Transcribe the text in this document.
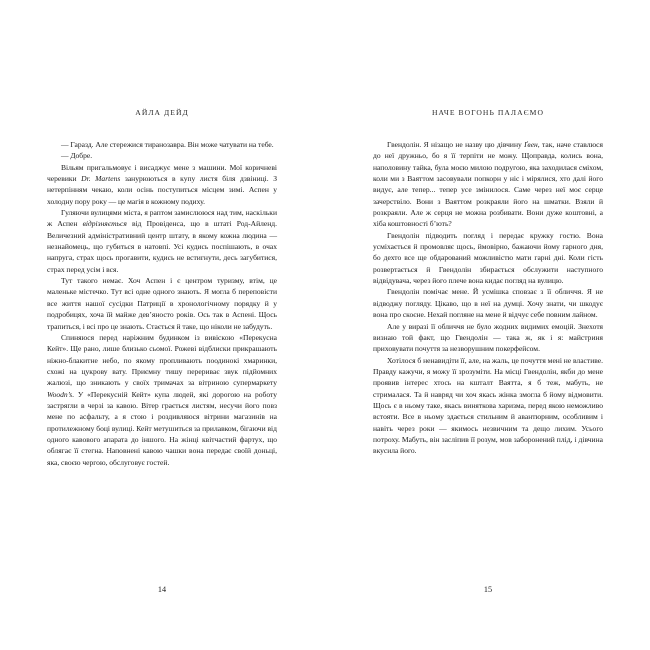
АЙЛА ДЕЙД

— Гаразд. Але стережися тиранозавра. Він може чатувати на тебе.

— Добре.

Вільям пригальмовує і висаджує мене з машини. Мої коричневі черевики Dr. Martens занурюються в купу листя біля дзвіниці. З нетерпінням чекаю, коли осінь поступиться місцем зимі. Аспен у холодну пору року — це магія в кожному подиху.

Гуляючи вулицями міста, я раптом замислююся над тим, наскільки ж Аспен відрізняється від Провіденса, що в штаті Род-Айленд. Величезний адміністративний центр штату, в якому кожна людина — незнайомець, що губиться в натовпі. Усі кудись поспішають, в очах напруга, страх щось прогавити, кудись не встигнути, десь загубитися, страх перед усім і вся.

Тут такого немає. Хоч Аспен і є центром туризму, втім, це маленьке містечко. Тут всі одне одного знають. Я могла б переповісти все життя нашої сусідки Патриції в хронологічному порядку й у подробицях, хоча їй майже дев’яносто років. Ось так в Аспені. Щось трапиться, і всі про це знають. Стається й таке, що ніколи не забудуть.

Спиняюся перед наріжним будинком із вивіскою «Перекусна Кейт». Ще рано, лише близько сьомої. Рожеві відблиски прикрашають ніжно-блакитне небо, по якому пропливають поодинокі хмаринки, схожі на цукрову вату. Приємну тишу перериває звук підйомних жалюзі, що зникають у своїх тримачах за вітриною супермаркету Woodn’s. У «Перекусній Кейт» купа людей, які дорогою на роботу застрягли в черзі за кавою. Вітер грається листям, несучи його повз мене по асфальту, а я стою і роздивляюся вітрини магазинів на протилежному боці вулиці. Кейт метушиться за прилавком, бігаючи від одного кавового апарата до іншого. На жінці квітчастий фартух, що облягає її стегна. Наповнені кавою чашки вона передає своїй доньці, яка, своєю чергою, обслуговує гостей.

14
НАЧЕ ВОГОНЬ ПАЛАЄМО

Гвендолін. Я нізащо не назву цю дівчину Ґвен, так, наче ставлюся до неї дружньо, бо я її терпіти не можу. Щоправда, колись вона, наполовину тайка, була моєю милою подругою, яка заходилася сміхом, коли ми з Ваяттом засовували попкорн у ніс і мірялися, хто далі його видує, але тепер... тепер усе змінилося. Саме через неї моє серце зачерствіло. Вони з Ваяттом розкраяли його на шматки. Взяли й розкраяли. Але ж серця не можна розбивати. Вони дуже коштовні, а хіба коштовності б’ють?

Гвендолін підводить погляд і передає кружку гостю. Вона усміхається й промовляє щось, ймовірно, бажаючи йому гарного дня, бо дехто все ще обдарований можливістю мати гарні дні. Коли гість розвертається й Гвендолін збирається обслужити наступного відвідувача, через його плече вона кидає погляд на вулицю.

Гвендолін помічає мене. Й усмішка сповзає з її обличчя. Я не відводжу погляду. Цікаво, що в неї на думці. Хочу знати, чи шкодує вона про скоєне. Нехай погляне на мене й відчує себе повним лайном.

Але у виразі її обличчя не було жодних видимих емоцій. Знехотя визнаю той факт, що Гвендолін — така ж, як і я: майстриня приховувати почуття за незворушним покерфейсом.

Хотілося б ненавидіти її, але, на жаль, це почуття мені не властиве. Правду кажучи, я можу її зрозуміти. На місці Гвендолін, якби до мене проявив інтерес хтось на кшталт Ваятта, я б теж, мабуть, не стрималася. Та й навряд чи хоч якась жінка змогла б йому відмовити. Щось є в ньому таке, якась виняткова харизма, перед якою неможливо встояти. Все в ньому здається стильним й авантюрним, особливим і навіть через роки — якимось незвичним та дещо лихим. Усього потроху. Мабуть, він засліпив її розум, мов заборонений плід, і дівчина вкусила його.

15
